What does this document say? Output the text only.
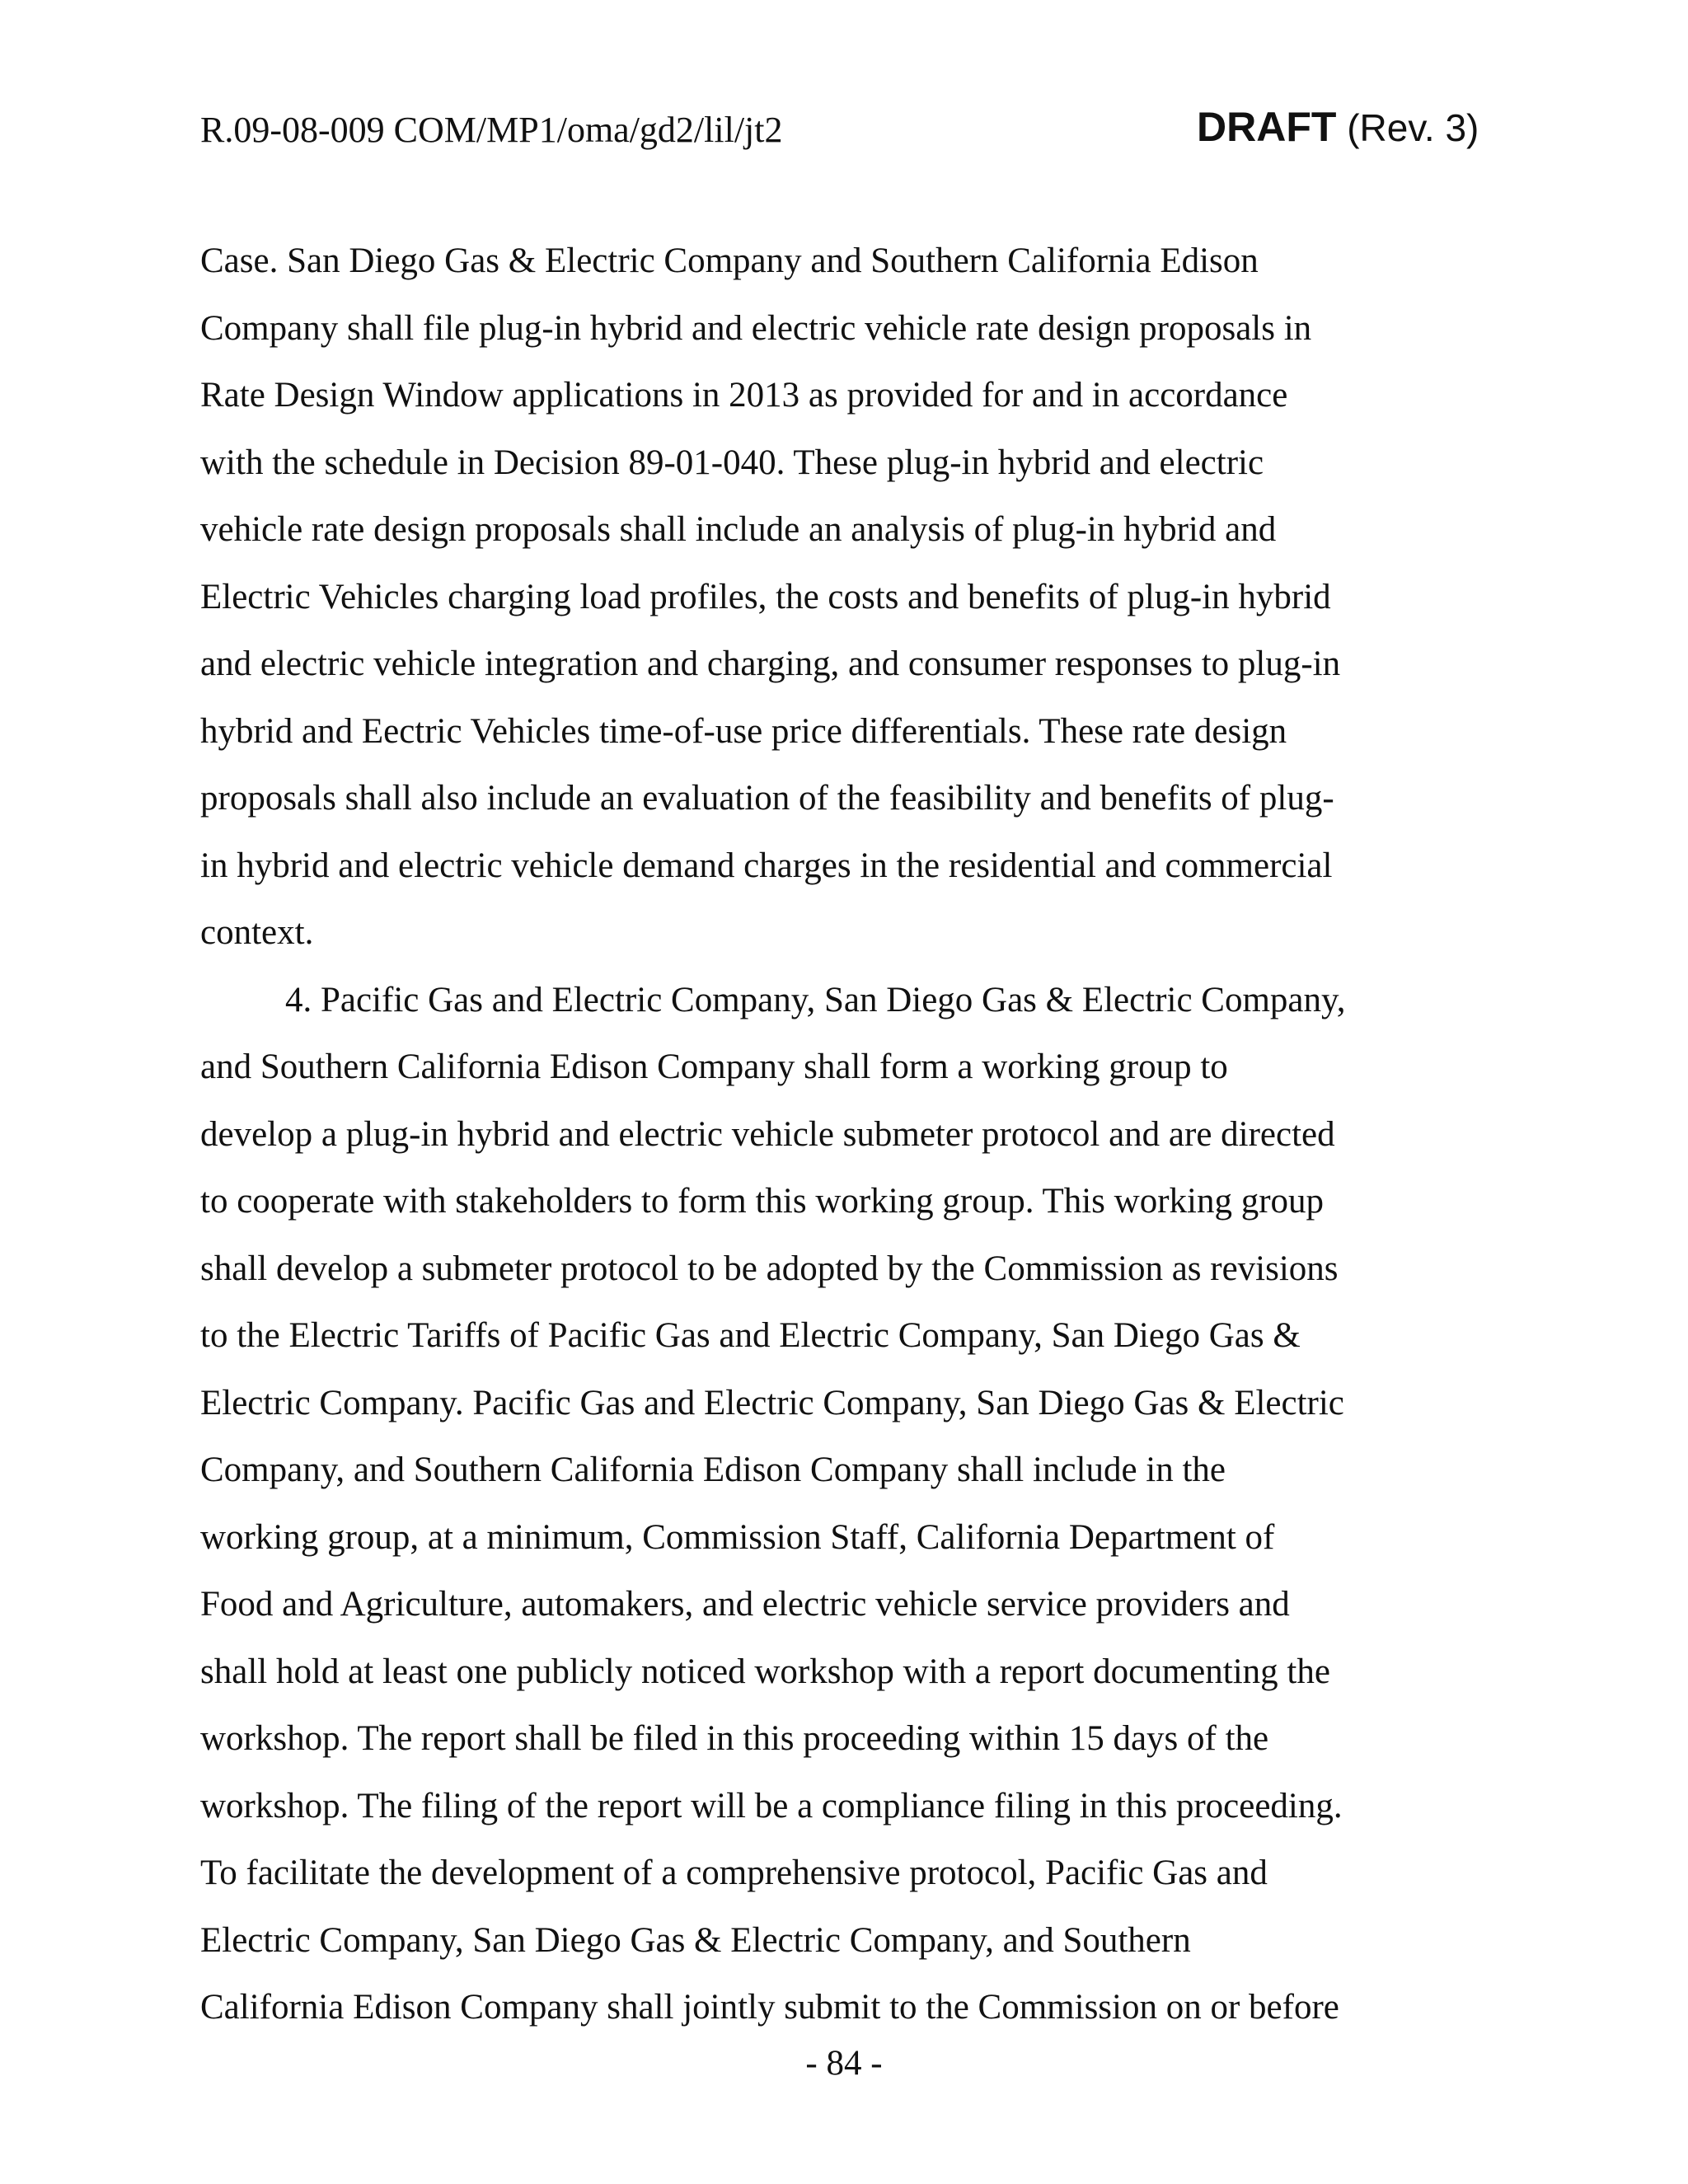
R.09-08-009 COM/MP1/oma/gd2/lil/jt2	DRAFT (Rev. 3)
Case. San Diego Gas & Electric Company and Southern California Edison
Company shall file plug-in hybrid and electric vehicle rate design proposals in
Rate Design Window applications in 2013 as provided for and in accordance
with the schedule in Decision 89-01-040. These plug-in hybrid and electric
vehicle rate design proposals shall include an analysis of plug-in hybrid and
Electric Vehicles charging load profiles, the costs and benefits of plug-in hybrid
and electric vehicle integration and charging, and consumer responses to plug-in
hybrid and Eectric Vehicles time-of-use price differentials. These rate design
proposals shall also include an evaluation of the feasibility and benefits of plug-
in hybrid and electric vehicle demand charges in the residential and commercial
context.
4. Pacific Gas and Electric Company, San Diego Gas & Electric Company,
and Southern California Edison Company shall form a working group to
develop a plug-in hybrid and electric vehicle submeter protocol and are directed
to cooperate with stakeholders to form this working group. This working group
shall develop a submeter protocol to be adopted by the Commission as revisions
to the Electric Tariffs of Pacific Gas and Electric Company, San Diego Gas &
Electric Company. Pacific Gas and Electric Company, San Diego Gas & Electric
Company, and Southern California Edison Company shall include in the
working group, at a minimum, Commission Staff, California Department of
Food and Agriculture, automakers, and electric vehicle service providers and
shall hold at least one publicly noticed workshop with a report documenting the
workshop. The report shall be filed in this proceeding within 15 days of the
workshop. The filing of the report will be a compliance filing in this proceeding.
To facilitate the development of a comprehensive protocol, Pacific Gas and
Electric Company, San Diego Gas & Electric Company, and Southern
California Edison Company shall jointly submit to the Commission on or before
- 84 -
